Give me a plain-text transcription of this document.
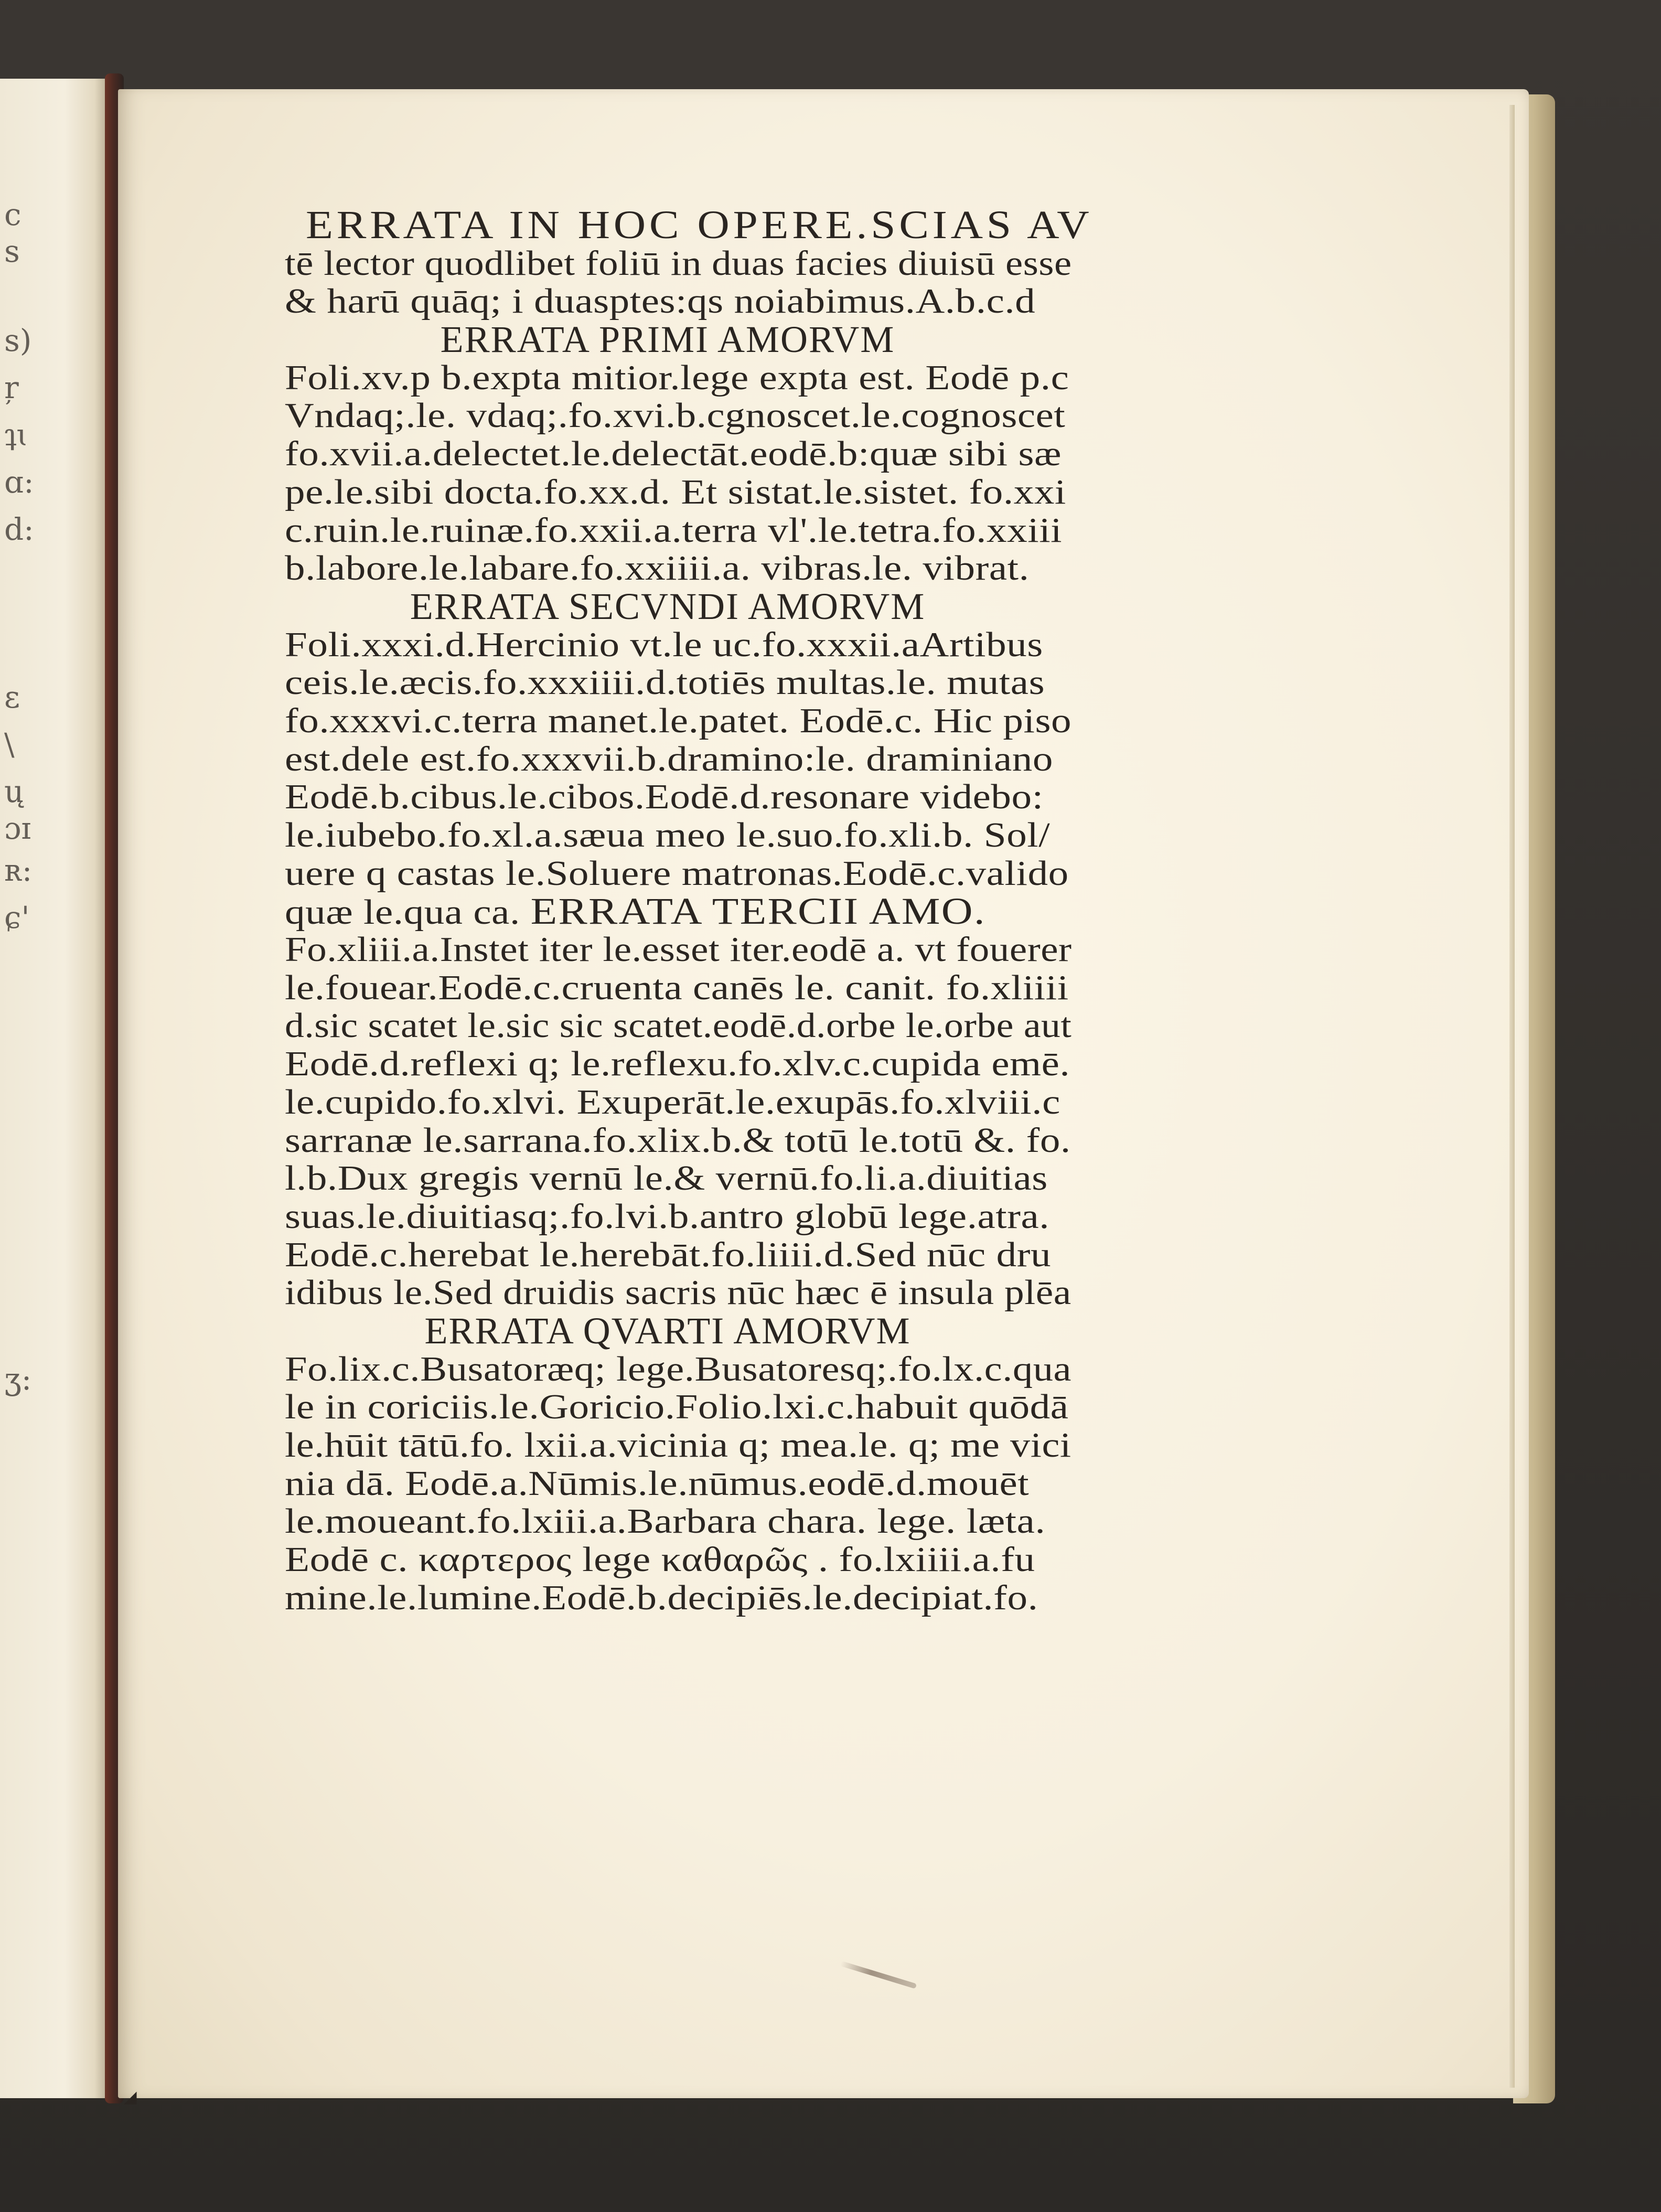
c
s
s)
ŗ
ʇɩ
ɑ:
d:
ɛ
\
ų
ɔɪ
ʀ:
ɕ'
ʒ:
ERRATA IN HOC OPERE.SCIAS AV
tē lector quodlibet foliū in duas facies diuisū esse
& harū quāq; i duasptes:qs noiabimus.A.b.c.d
ERRATA PRIMI AMORVM
Foli.xv.p b.expta mitior.lege expta est. Eodē p.c
Vndaq;.le. vdaq;.fo.xvi.b.cgnoscet.le.cognoscet
fo.xvii.a.delectet.le.delectāt.eodē.b:quæ sibi sæ
pe.le.sibi docta.fo.xx.d. Et sistat.le.sistet. fo.xxi
c.ruin.le.ruinæ.fo.xxii.a.terra vl'.le.tetra.fo.xxiii
b.labore.le.labare.fo.xxiiii.a. vibras.le. vibrat.
ERRATA SECVNDI AMORVM
Foli.xxxi.d.Hercinio vt.le uc.fo.xxxii.aArtibus
ceis.le.æcis.fo.xxxiiii.d.totiēs multas.le. mutas
fo.xxxvi.c.terra manet.le.patet. Eodē.c. Hic piso
est.dele est.fo.xxxvii.b.dramino:le. draminiano
Eodē.b.cibus.le.cibos.Eodē.d.resonare videbo:
le.iubebo.fo.xl.a.sæua meo le.suo.fo.xli.b. Sol/
uere q castas le.Soluere matronas.Eodē.c.valido
quæ le.qua ca. ERRATA TERCII AMO.
Fo.xliii.a.Instet iter le.esset iter.eodē a. vt fouerer
le.fouear.Eodē.c.cruenta canēs le. canit. fo.xliiii
d.sic scatet le.sic sic scatet.eodē.d.orbe le.orbe aut
Eodē.d.reflexi q; le.reflexu.fo.xlv.c.cupida emē.
le.cupido.fo.xlvi. Exuperāt.le.exupās.fo.xlviii.c
sarranæ le.sarrana.fo.xlix.b.& totū le.totū &. fo.
l.b.Dux gregis vernū le.& vernū.fo.li.a.diuitias
suas.le.diuitiasq;.fo.lvi.b.antro globū lege.atra.
Eodē.c.herebat le.herebāt.fo.liiii.d.Sed nūc dru
idibus le.Sed druidis sacris nūc hæc ē insula plēa
ERRATA QVARTI AMORVM
Fo.lix.c.Busatoræq; lege.Busatoresq;.fo.lx.c.qua
le in coriciis.le.Goricio.Folio.lxi.c.habuit quōdā
le.hūit tātū.fo. lxii.a.vicinia q; mea.le. q; me vici
nia dā. Eodē.a.Nūmis.le.nūmus.eodē.d.mouēt
le.moueant.fo.lxiii.a.Barbara chara. lege. læta.
Eodē c. καρτερος lege καθαρῶς . fo.lxiiii.a.fu
mine.le.lumine.Eodē.b.decipiēs.le.decipiat.fo.
◢
